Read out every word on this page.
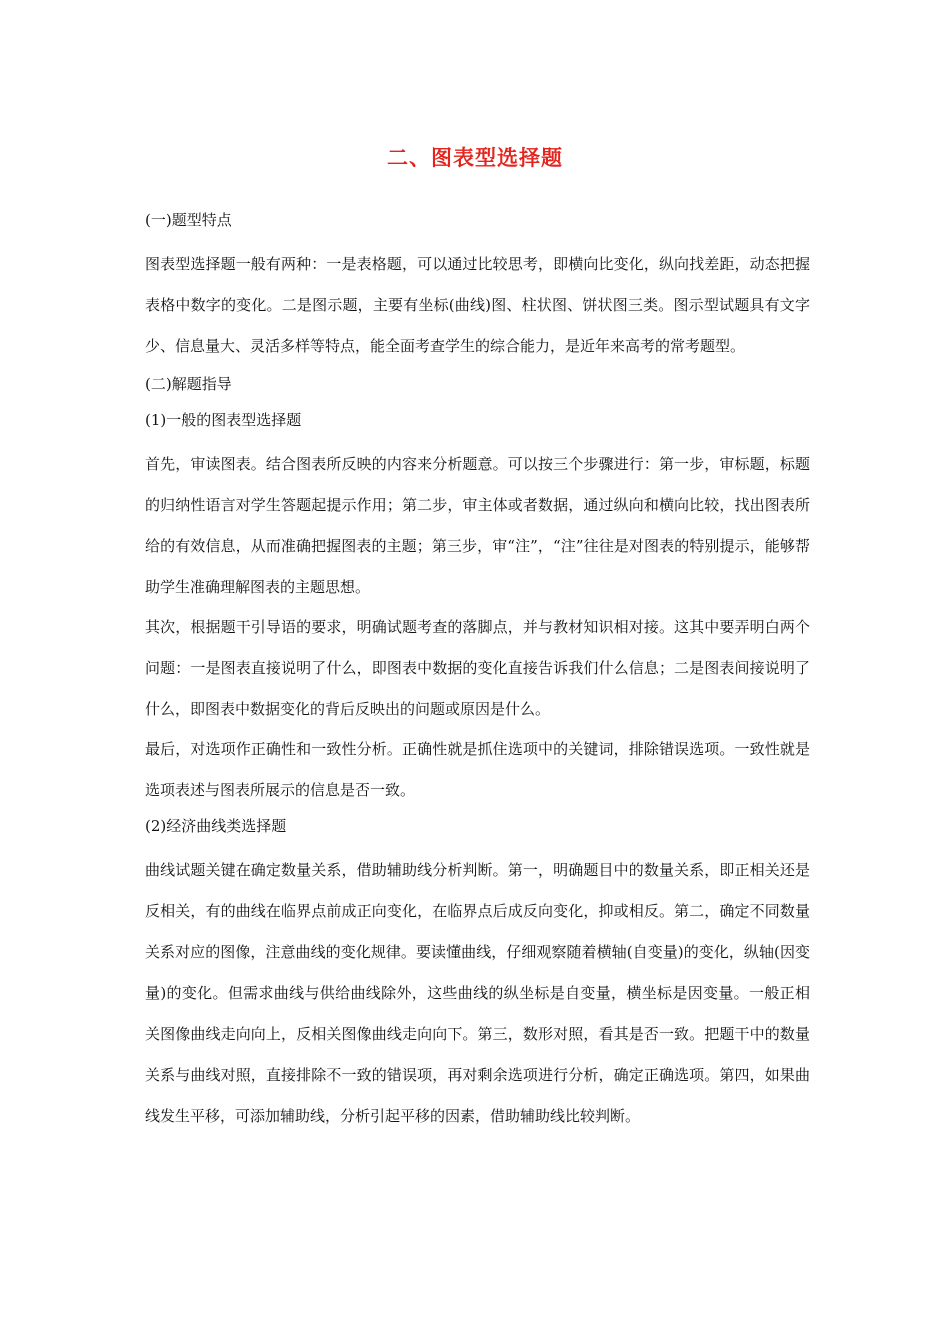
二、图表型选择题
(一)题型特点
图表型选择题一般有两种：一是表格题，可以通过比较思考，即横向比变化，纵向找差距，动态把握表格中数字的变化。二是图示题，主要有坐标(曲线)图、柱状图、饼状图三类。图示型试题具有文字少、信息量大、灵活多样等特点，能全面考查学生的综合能力，是近年来高考的常考题型。
(二)解题指导
(1)一般的图表型选择题
首先，审读图表。结合图表所反映的内容来分析题意。可以按三个步骤进行：第一步，审标题，标题的归纳性语言对学生答题起提示作用；第二步，审主体或者数据，通过纵向和横向比较，找出图表所给的有效信息，从而准确把握图表的主题；第三步，审“注”，“注”往往是对图表的特别提示，能够帮助学生准确理解图表的主题思想。
其次，根据题干引导语的要求，明确试题考查的落脚点，并与教材知识相对接。这其中要弄明白两个问题：一是图表直接说明了什么，即图表中数据的变化直接告诉我们什么信息；二是图表间接说明了什么，即图表中数据变化的背后反映出的问题或原因是什么。
最后，对选项作正确性和一致性分析。正确性就是抓住选项中的关键词，排除错误选项。一致性就是选项表述与图表所展示的信息是否一致。
(2)经济曲线类选择题
曲线试题关键在确定数量关系，借助辅助线分析判断。第一，明确题目中的数量关系，即正相关还是反相关，有的曲线在临界点前成正向变化，在临界点后成反向变化，抑或相反。第二，确定不同数量关系对应的图像，注意曲线的变化规律。要读懂曲线，仔细观察随着横轴(自变量)的变化，纵轴(因变量)的变化。但需求曲线与供给曲线除外，这些曲线的纵坐标是自变量，横坐标是因变量。一般正相关图像曲线走向向上，反相关图像曲线走向向下。第三，数形对照，看其是否一致。把题干中的数量关系与曲线对照，直接排除不一致的错误项，再对剩余选项进行分析，确定正确选项。第四，如果曲线发生平移，可添加辅助线，分析引起平移的因素，借助辅助线比较判断。
